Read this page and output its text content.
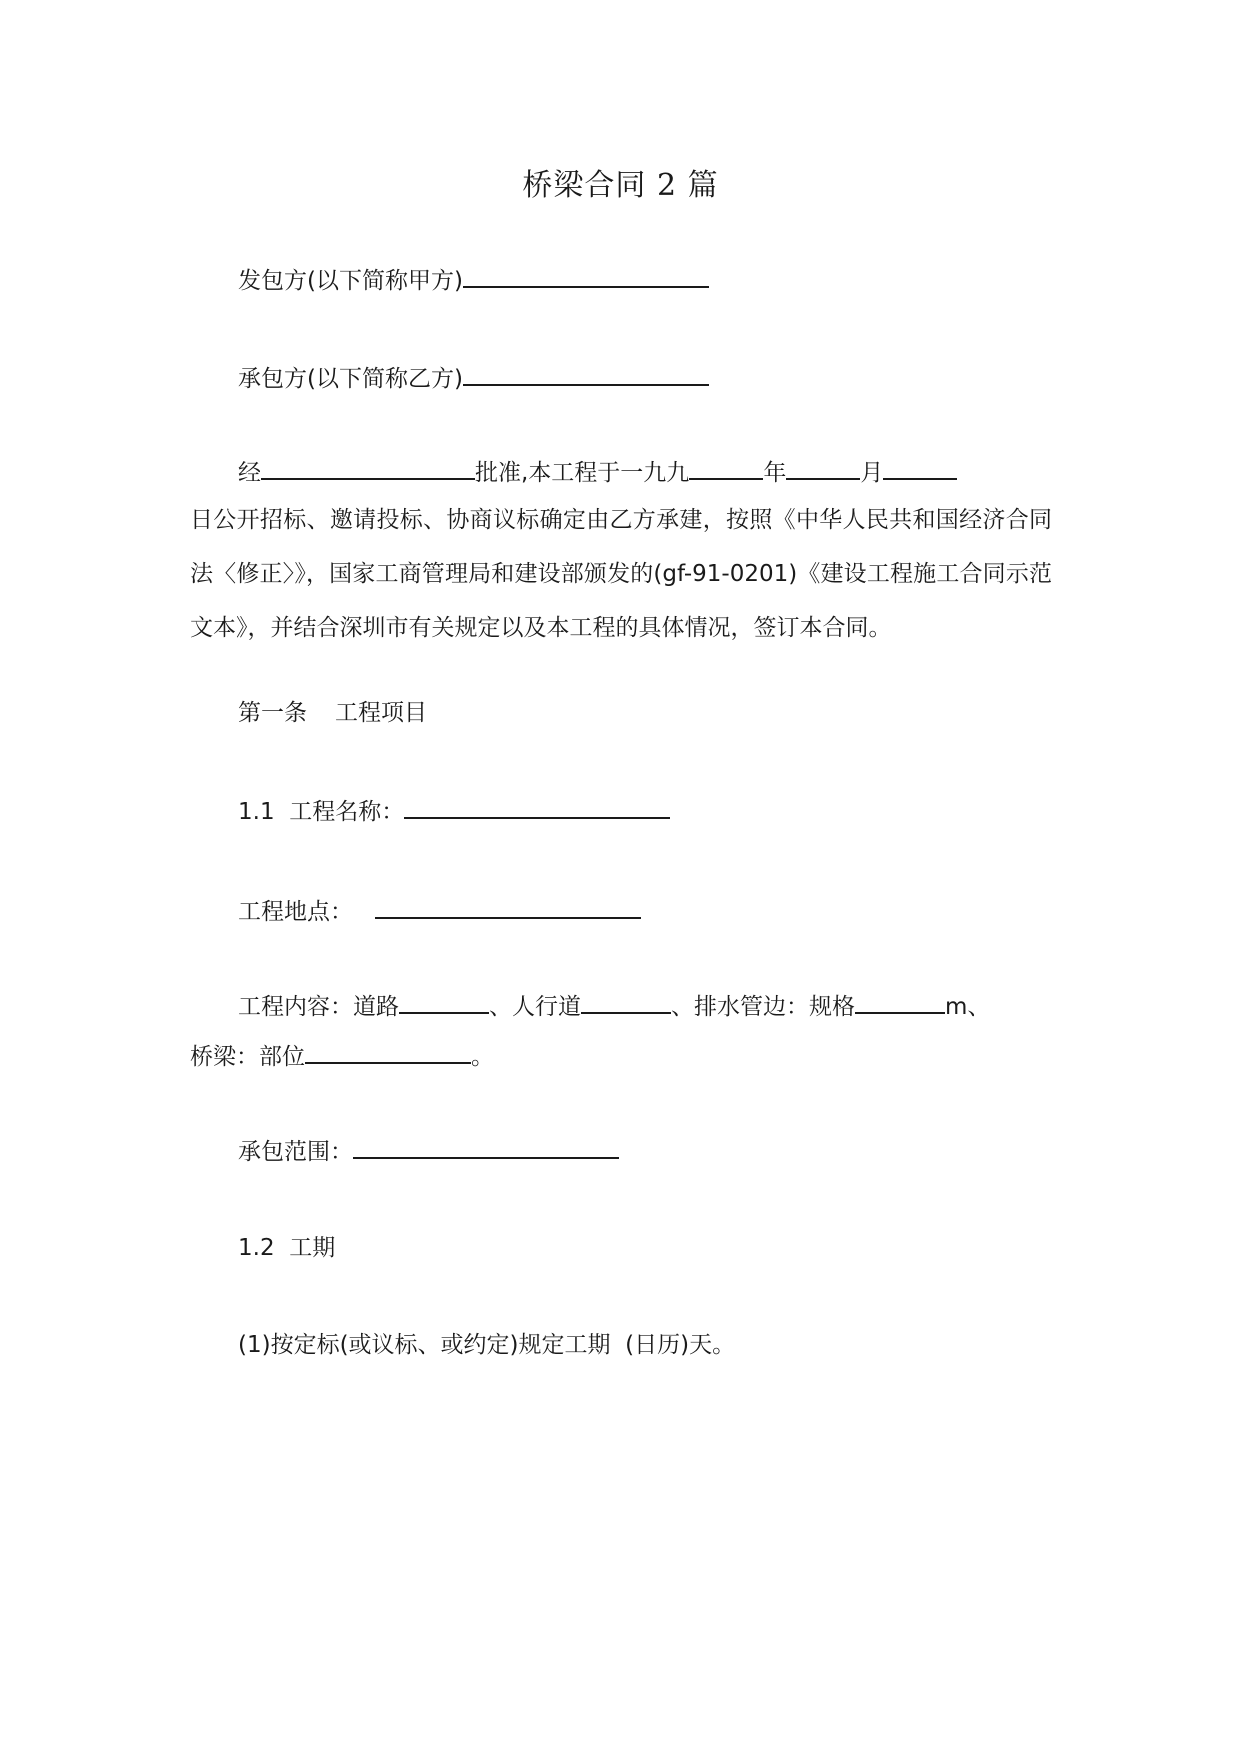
桥梁合同 2 篇
发包方(以下简称甲方)
承包方(以下简称乙方)
经	批准,本工程于一九九	年	月
日公开招标、邀请投标、协商议标确定由乙方承建，按照《中华人民共和国经济合同法〈修正〉》，国家工商管理局和建设部颁发的(gf-91-0201)《建设工程施工合同示范文本》，并结合深圳市有关规定以及本工程的具体情况，签订本合同。
第一条 工程项目
1.1 工程名称：
工程地点：
工程内容：道路	、人行道	、排水管边：规格	m、
桥梁：部位	。
承包范围：
1.2 工期
(1)按定标(或议标、或约定)规定工期  (日历)天。
